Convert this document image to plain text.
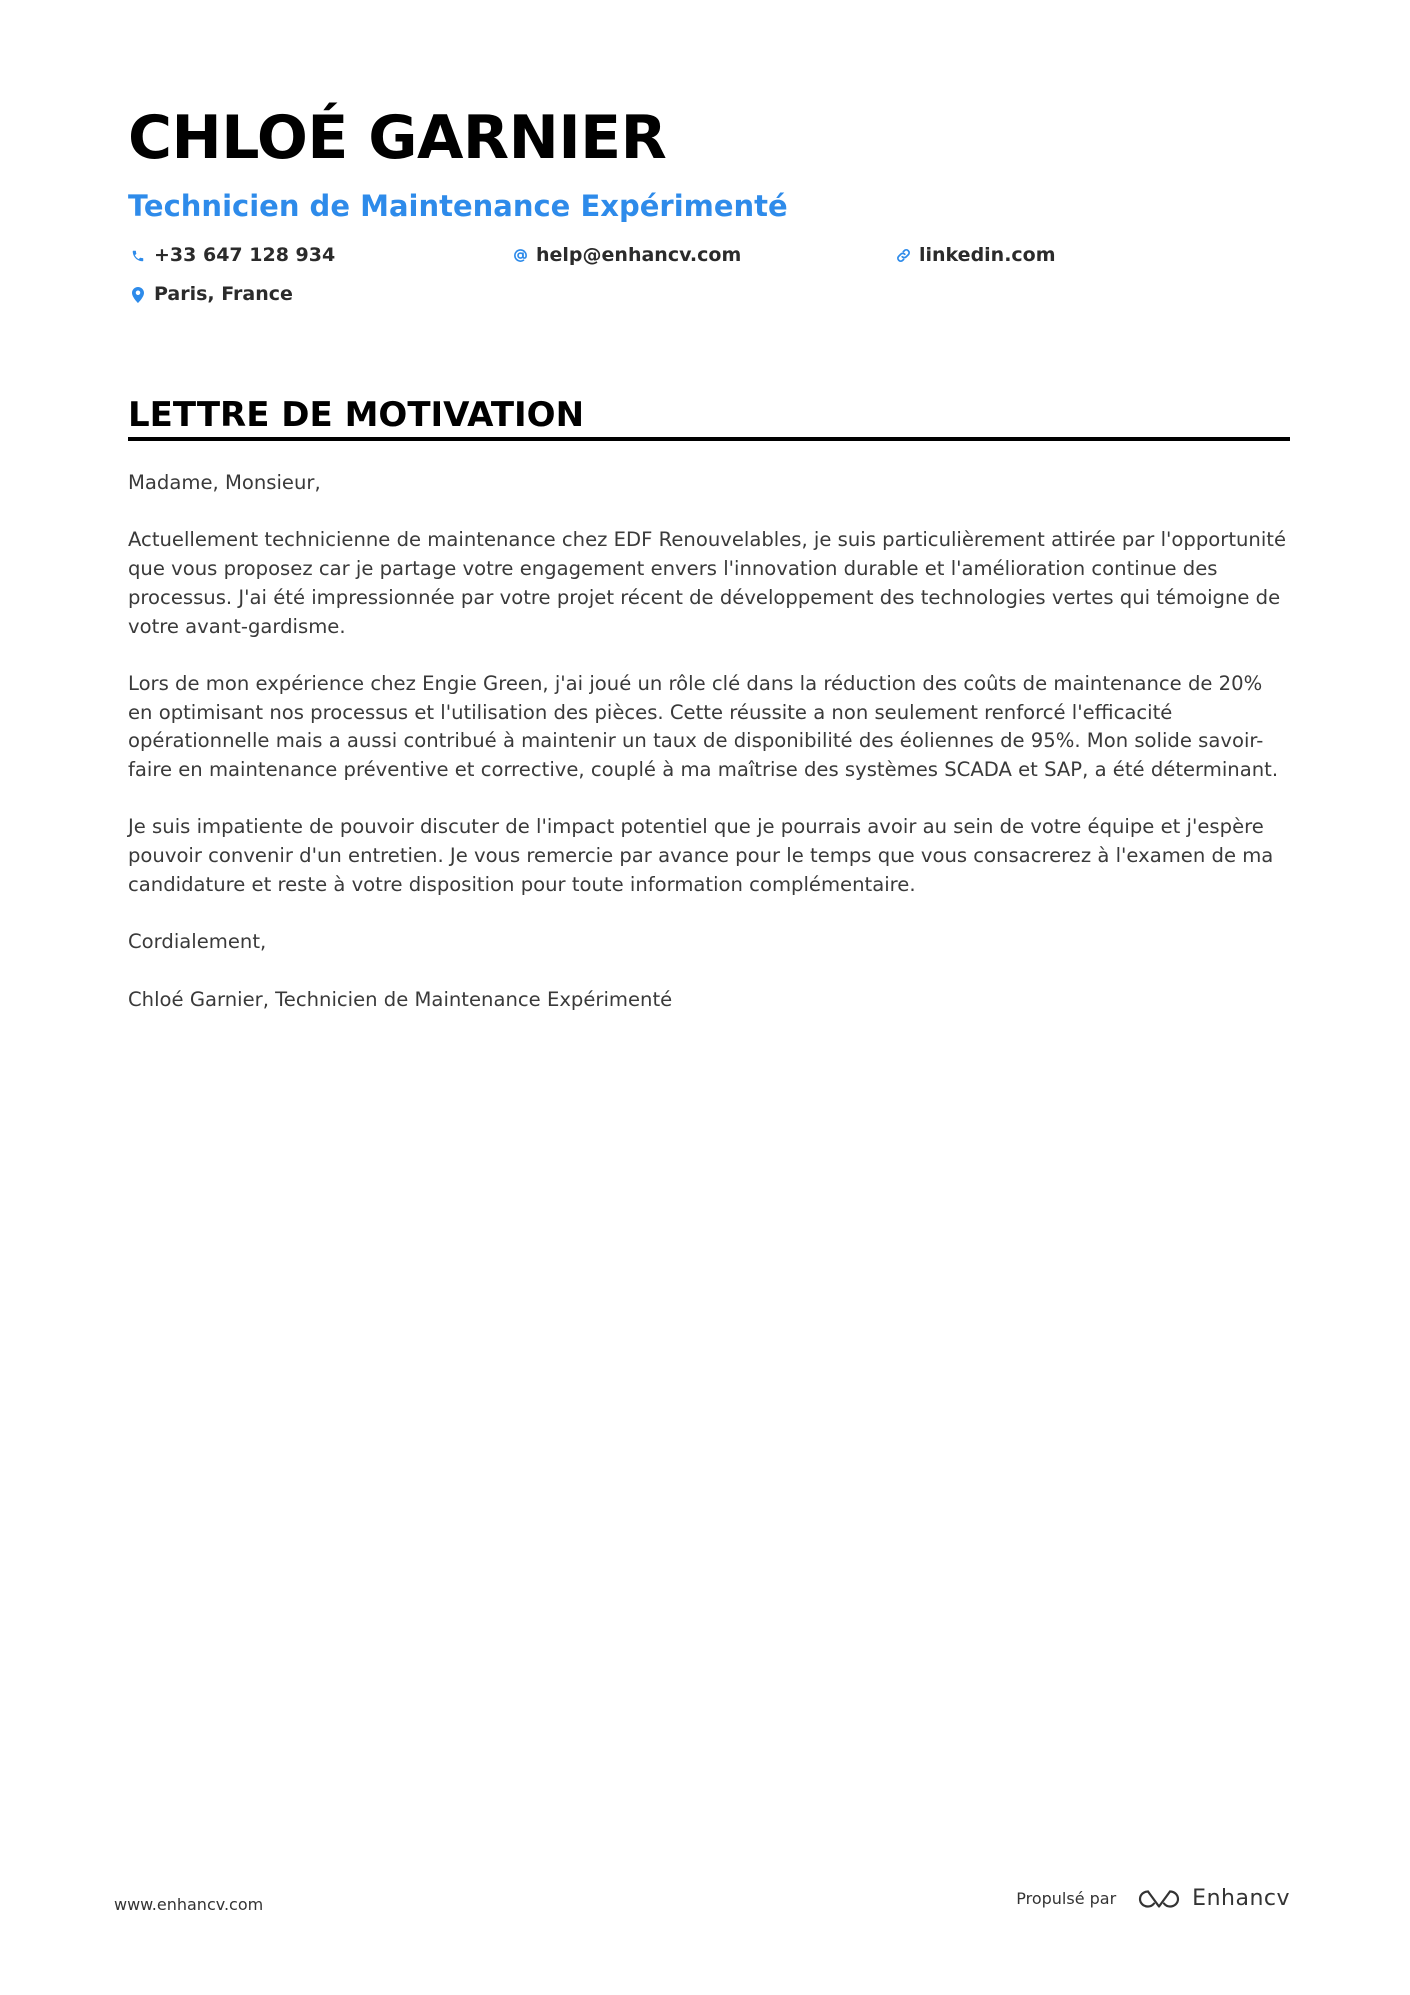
CHLOÉ GARNIER
Technicien de Maintenance Expérimenté
+33 647 128 934	help@enhancv.com	linkedin.com
Paris, France
LETTRE DE MOTIVATION

Madame, Monsieur,

Actuellement technicienne de maintenance chez EDF Renouvelables, je suis particulièrement attirée par l'opportunité que vous proposez car je partage votre engagement envers l'innovation durable et l'amélioration continue des processus. J'ai été impressionnée par votre projet récent de développement des technologies vertes qui témoigne de votre avant-gardisme.

Lors de mon expérience chez Engie Green, j'ai joué un rôle clé dans la réduction des coûts de maintenance de 20% en optimisant nos processus et l'utilisation des pièces. Cette réussite a non seulement renforcé l'efficacité opérationnelle mais a aussi contribué à maintenir un taux de disponibilité des éoliennes de 95%. Mon solide savoir-faire en maintenance préventive et corrective, couplé à ma maîtrise des systèmes SCADA et SAP, a été déterminant.

Je suis impatiente de pouvoir discuter de l'impact potentiel que je pourrais avoir au sein de votre équipe et j'espère pouvoir convenir d'un entretien. Je vous remercie par avance pour le temps que vous consacrerez à l'examen de ma candidature et reste à votre disposition pour toute information complémentaire.

Cordialement,

Chloé Garnier, Technicien de Maintenance Expérimenté

www.enhancv.com	Propulsé par	Enhancv
